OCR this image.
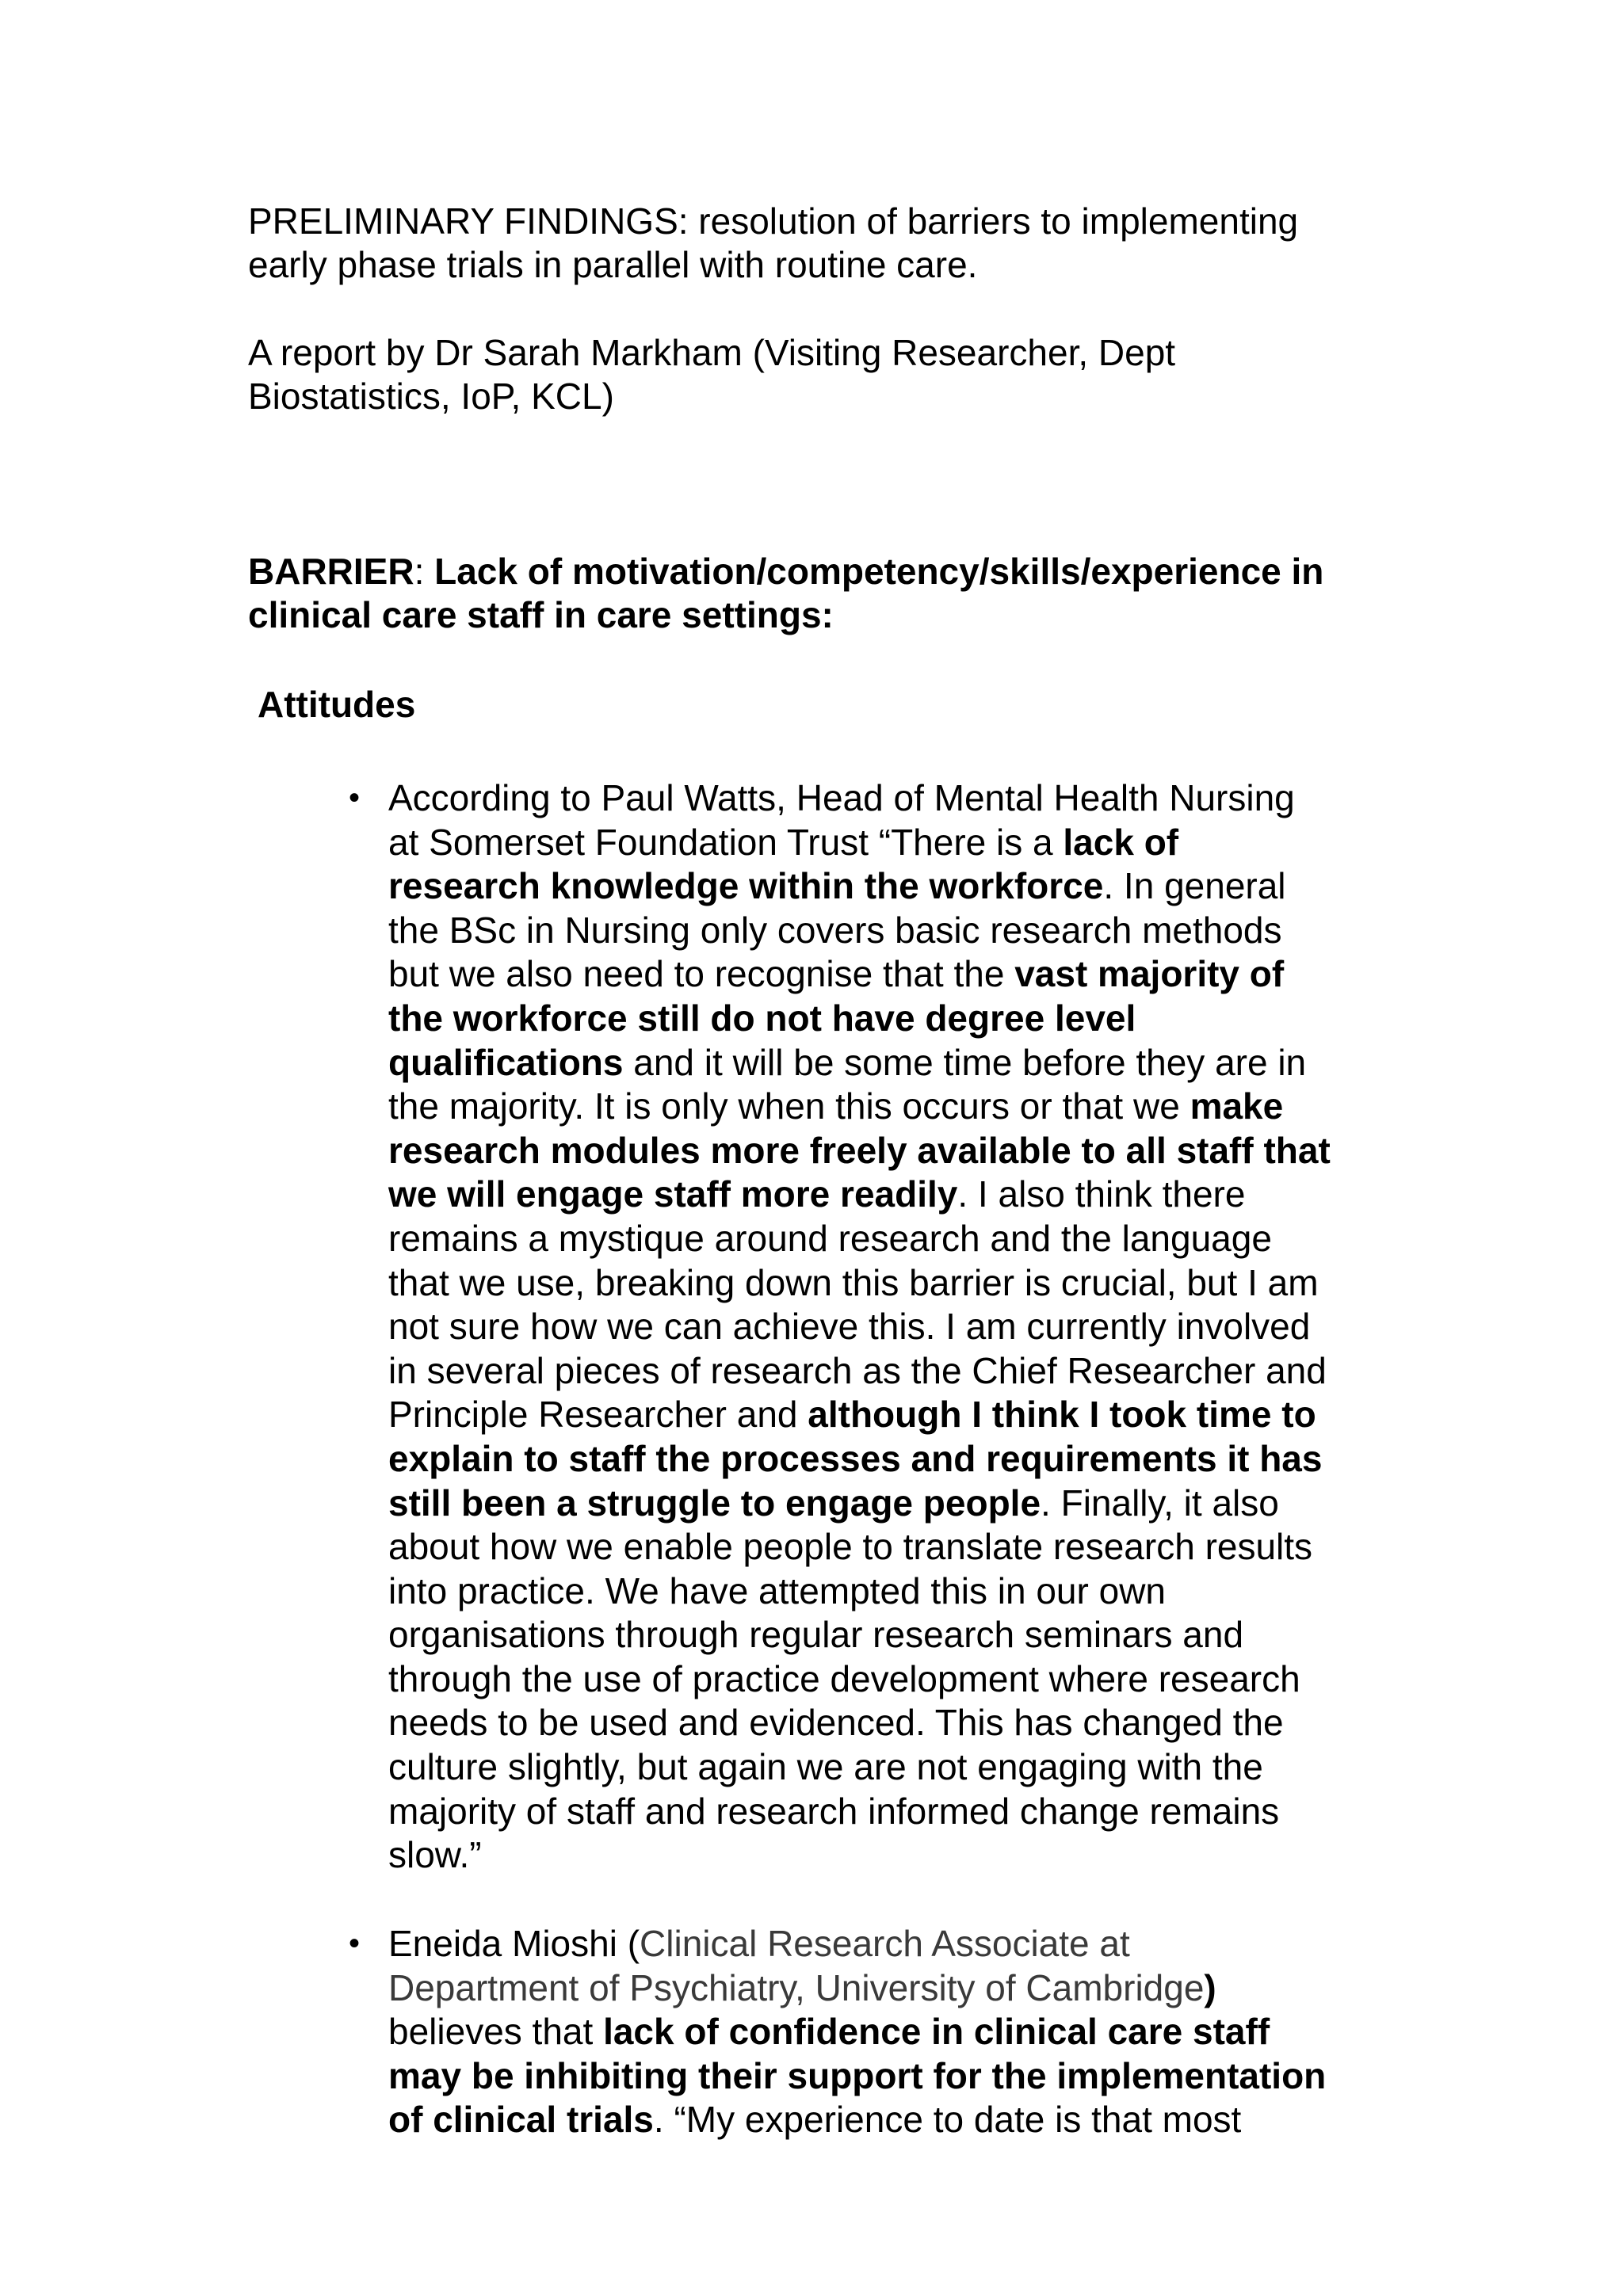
PRELIMINARY FINDINGS: resolution of barriers to implementing
early phase trials in parallel with routine care.
A report by Dr Sarah Markham (Visiting Researcher, Dept
Biostatistics, IoP, KCL)
BARRIER: Lack of motivation/competency/skills/experience in
clinical care staff in care settings:
Attitudes
• According to Paul Watts, Head of Mental Health Nursing
at Somerset Foundation Trust “There is a lack of
research knowledge within the workforce. In general
the BSc in Nursing only covers basic research methods
but we also need to recognise that the vast majority of
the workforce still do not have degree level
qualifications and it will be some time before they are in
the majority. It is only when this occurs or that we make
research modules more freely available to all staff that
we will engage staff more readily. I also think there
remains a mystique around research and the language
that we use, breaking down this barrier is crucial, but I am
not sure how we can achieve this. I am currently involved
in several pieces of research as the Chief Researcher and
Principle Researcher and although I think I took time to
explain to staff the processes and requirements it has
still been a struggle to engage people. Finally, it also
about how we enable people to translate research results
into practice. We have attempted this in our own
organisations through regular research seminars and
through the use of practice development where research
needs to be used and evidenced. This has changed the
culture slightly, but again we are not engaging with the
majority of staff and research informed change remains
slow.”
• Eneida Mioshi (Clinical Research Associate at
Department of Psychiatry, University of Cambridge)
believes that lack of confidence in clinical care staff
may be inhibiting their support for the implementation
of clinical trials. “My experience to date is that most
